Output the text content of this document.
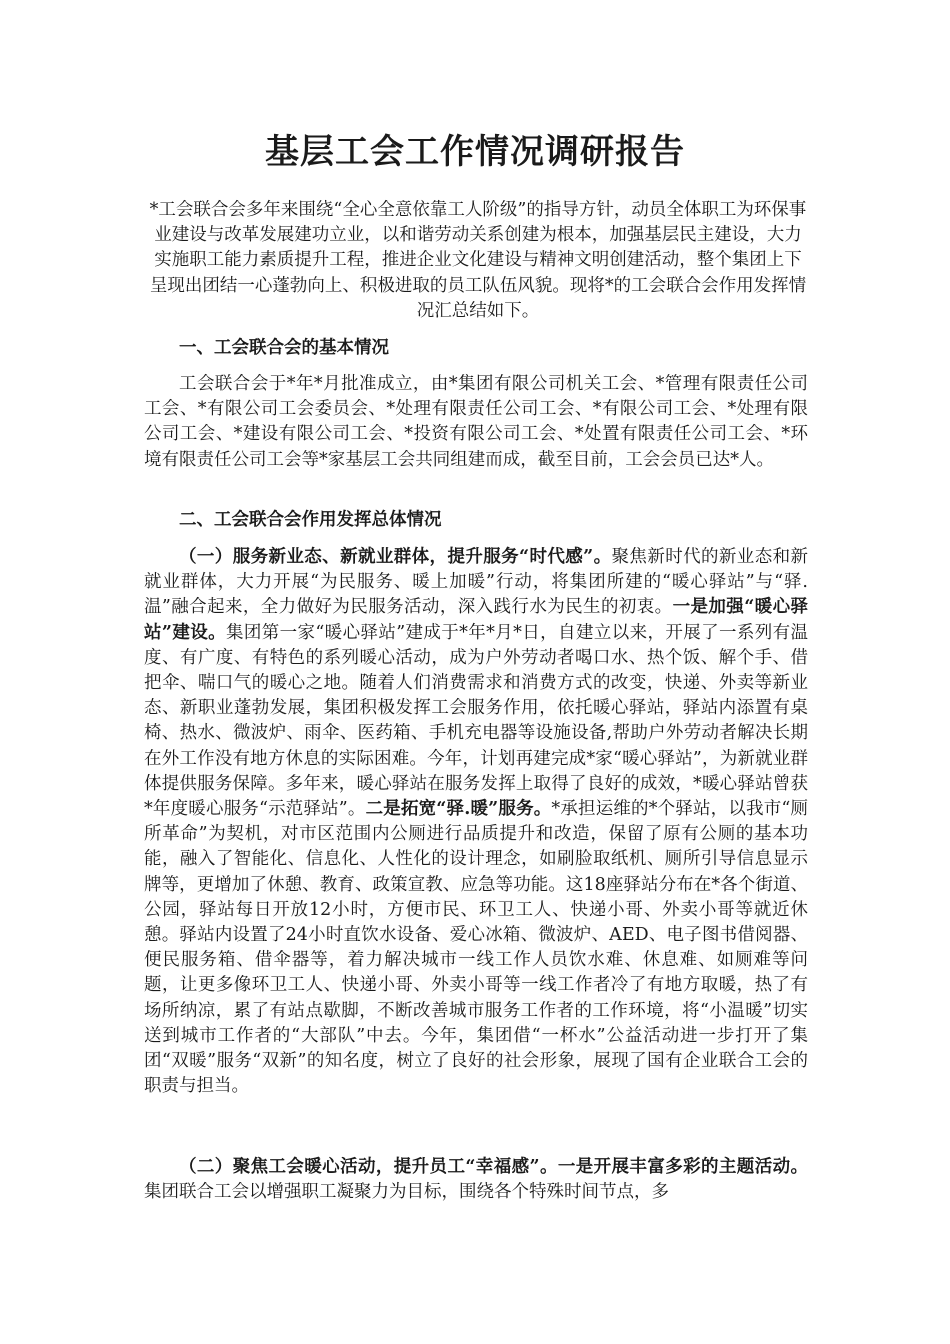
基层工会工作情况调研报告

*工会联合会多年来围绕“全心全意依靠工人阶级”的指导方针，动员全体职工为环保事业建设与改革发展建功立业，以和谐劳动关系创建为根本，加强基层民主建设，大力实施职工能力素质提升工程，推进企业文化建设与精神文明创建活动，整个集团上下呈现出团结一心蓬勃向上、积极进取的员工队伍风貌。现将*的工会联合会作用发挥情况汇总结如下。

一、工会联合会的基本情况

工会联合会于*年*月批准成立，由*集团有限公司机关工会、*管理有限责任公司工会、*有限公司工会委员会、*处理有限责任公司工会、*有限公司工会、*处理有限公司工会、*建设有限公司工会、*投资有限公司工会、*处置有限责任公司工会、*环境有限责任公司工会等*家基层工会共同组建而成，截至目前，工会会员已达*人。

二、工会联合会作用发挥总体情况

（一）服务新业态、新就业群体，提升服务“时代感”。聚焦新时代的新业态和新就业群体，大力开展“为民服务、暖上加暖”行动，将集团所建的“暖心驿站”与“驿.温”融合起来，全力做好为民服务活动，深入践行水为民生的初衷。一是加强“暖心驿站”建设。集团第一家“暖心驿站”建成于*年*月*日，自建立以来，开展了一系列有温度、有广度、有特色的系列暖心活动，成为户外劳动者喝口水、热个饭、解个手、借把伞、喘口气的暖心之地。随着人们消费需求和消费方式的改变，快递、外卖等新业态、新职业蓬勃发展，集团积极发挥工会服务作用，依托暖心驿站，驿站内添置有桌椅、热水、微波炉、雨伞、医药箱、手机充电器等设施设备,帮助户外劳动者解决长期在外工作没有地方休息的实际困难。今年，计划再建完成*家“暖心驿站”，为新就业群体提供服务保障。多年来，暖心驿站在服务发挥上取得了良好的成效，*暖心驿站曾获*年度暖心服务“示范驿站”。二是拓宽“驿.暖”服务。*承担运维的*个驿站，以我市“厕所革命”为契机，对市区范围内公厕进行品质提升和改造，保留了原有公厕的基本功能，融入了智能化、信息化、人性化的设计理念，如刷脸取纸机、厕所引导信息显示牌等，更增加了休憩、教育、政策宣教、应急等功能。这18座驿站分布在*各个街道、公园，驿站每日开放12小时，方便市民、环卫工人、快递小哥、外卖小哥等就近休憩。驿站内设置了24小时直饮水设备、爱心冰箱、微波炉、AED、电子图书借阅器、便民服务箱、借伞器等，着力解决城市一线工作人员饮水难、休息难、如厕难等问题，让更多像环卫工人、快递小哥、外卖小哥等一线工作者冷了有地方取暖，热了有场所纳凉，累了有站点歇脚，不断改善城市服务工作者的工作环境，将“小温暖”切实送到城市工作者的“大部队”中去。今年，集团借“一杯水”公益活动进一步打开了集团“双暖”服务“双新”的知名度，树立了良好的社会形象，展现了国有企业联合工会的职责与担当。

（二）聚焦工会暖心活动，提升员工“幸福感”。一是开展丰富多彩的主题活动。集团联合工会以增强职工凝聚力为目标，围绕各个特殊时间节点，多
